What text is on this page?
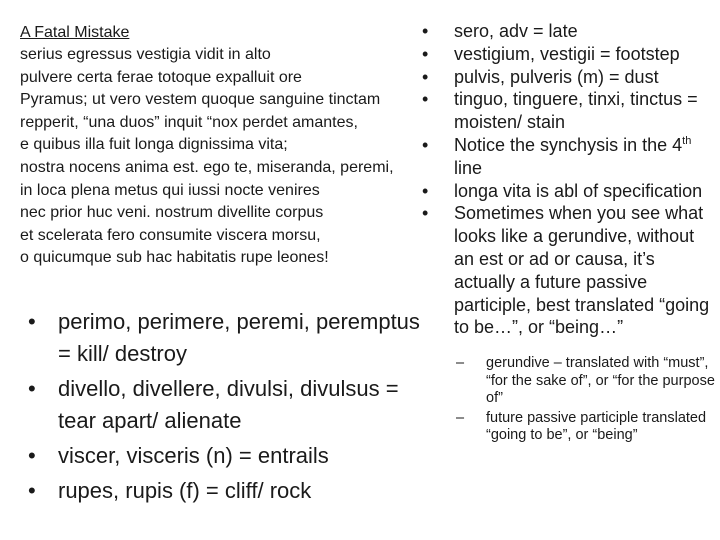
A Fatal Mistake
serius egressus vestigia vidit in alto
pulvere certa ferae totoque expalluit ore
Pyramus; ut vero vestem quoque sanguine tinctam
repperit, “una duos” inquit “nox perdet amantes,
e quibus illa fuit longa dignissima vita;
nostra nocens anima est. ego te, miseranda, peremi,
in loca plena metus qui iussi nocte venires
nec prior huc veni. nostrum divellite corpus
et scelerata fero consumite viscera morsu,
o quicumque sub hac habitatis rupe leones!
• perimo, perimere, peremi, peremptus = kill/ destroy
• divello, divellere, divulsi, divulsus = tear apart/ alienate
• viscer, visceris (n) = entrails
• rupes, rupis (f) = cliff/ rock
• sero, adv = late
• vestigium, vestigii = footstep
• pulvis, pulveris (m) = dust
• tinguo, tinguere, tinxi, tinctus = moisten/ stain
• Notice the synchysis in the 4th line
• longa vita is abl of specification
• Sometimes when you see what looks like a gerundive, without an est or ad or causa, it’s actually a future passive participle, best translated “going to be…”, or “being…”
– gerundive – translated with “must”, “for the sake of”, or “for the purpose of”
– future passive participle translated “going to be”, or “being”
